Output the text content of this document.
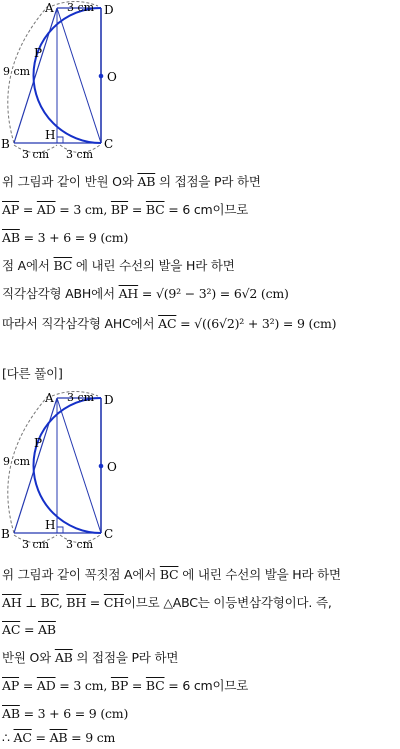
A	D
O
P
B
H
C
3 cm
9 cm
3 cm 3 cm
위 그림과 같이 반원 O와 $\overline{AB}$ 의 접점을 P라 하면
$\overline{AP} = \overline{AD} = 3$ cm, $\overline{BP} = \overline{BC} = 6$ cm이므로
$\overline{AB} = 3 + 6 = 9$ (cm)
점 A에서 $\overline{BC}$ 에 내린 수선의 발을 H라 하면
직각삼각형 ABH에서 $\overline{AH} = √(9^2 - 3^2) = 6√2$ (cm)
따라서 직각삼각형 AHC에서 $\overline{AC} = √((6√2)^2 + 3^2) = 9$ (cm)
[다른 풀이]
A	D
O
P
B
H
C
3 cm
9 cm
3 cm 3 cm
위 그림과 같이 꼭짓점 A에서 $\overline{BC}$ 에 내린 수선의 발을 H라 하면
$\overline{AH}$ ⊥ $\overline{BC}$, $\overline{BH} = \overline{CH}$이므로 △ABC는 이등변삼각형이다. 즉,
$\overline{AC} = \overline{AB}$
반원 O와 $\overline{AB}$ 의 접점을 P라 하면
$\overline{AP} = \overline{AD} = 3$ cm, $\overline{BP} = \overline{BC} = 6$ cm이므로
$\overline{AB} = 3 + 6 = 9$ (cm)
∴ $\overline{AC} = \overline{AB} = 9$ cm
